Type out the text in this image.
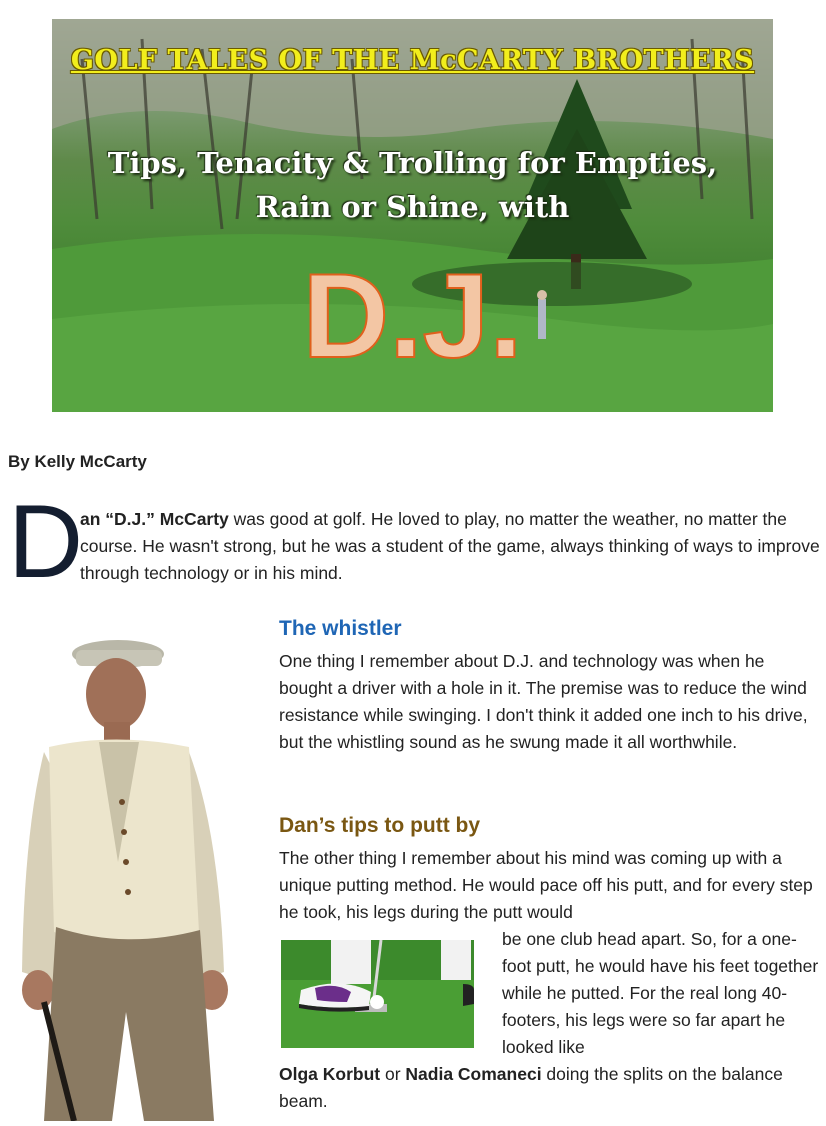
GOLF TALES OF THE McCARTY BROTHERS
Tips, Tenacity & Trolling for Empties,
Rain or Shine, with
D.J.
By Kelly McCarty
D
an “D.J.” McCarty was good at golf. He loved to play, no matter the weather, no matter the course. He wasn't strong, but he was a student of the game, always thinking of ways to improve through technology or in his mind.
The whistler
One thing I remember about D.J. and technology was when he bought a driver with a hole in it. The premise was to reduce the wind resistance while swinging. I don't think it added one inch to his drive, but the whistling sound as he swung made it all worthwhile.
Dan’s tips to putt by
The other thing I remember about his mind was coming up with a unique putting method. He would pace off his putt, and for every step he took, his legs during the putt would
be one club head apart. So, for a one-foot putt, he would have his feet together while he putted. For the real long 40-footers, his legs were so far apart he looked like
Olga Korbut or Nadia Comaneci doing the splits on the balance beam.
